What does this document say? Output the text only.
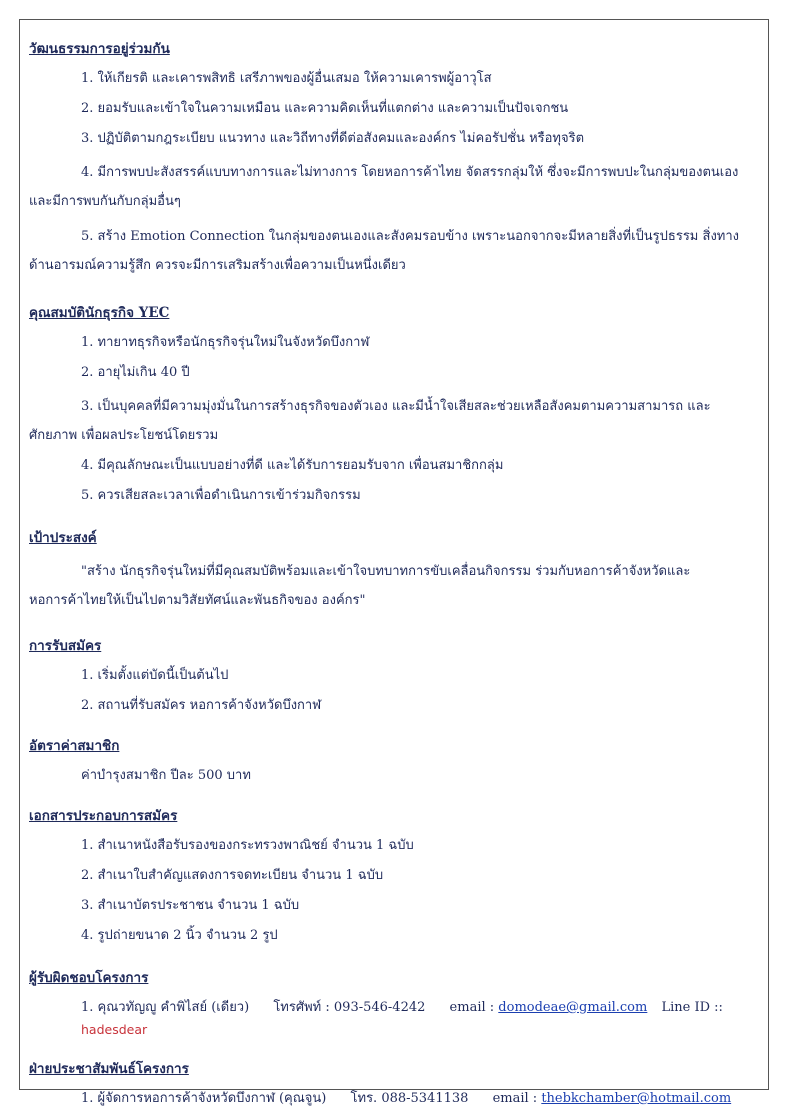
วัฒนธรรมการอยู่ร่วมกัน
1. ให้เกียรติ และเคารพสิทธิ เสรีภาพของผู้อื่นเสมอ ให้ความเคารพผู้อาวุโส
2. ยอมรับและเข้าใจในความเหมือน และความคิดเห็นที่แตกต่าง และความเป็นปัจเจกชน
3. ปฏิบัติตามกฎระเบียบ แนวทาง และวิถีทางที่ดีต่อสังคมและองค์กร ไม่คอรัปชั่น หรือทุจริต
4. มีการพบปะสังสรรค์แบบทางการและไม่ทางการ โดยหอการค้าไทย จัดสรรกลุ่มให้ ซึ่งจะมีการพบปะในกลุ่มของตนเอง และมีการพบกันกับกลุ่มอื่นๆ
5. สร้าง Emotion Connection ในกลุ่มของตนเองและสังคมรอบข้าง เพราะนอกจากจะมีหลายสิ่งที่เป็นรูปธรรม สิ่งทางด้านอารมณ์ความรู้สึก ควรจะมีการเสริมสร้างเพื่อความเป็นหนึ่งเดียว
คุณสมบัตินักธุรกิจ YEC
1. ทายาทธุรกิจหรือนักธุรกิจรุ่นใหม่ในจังหวัดบึงกาฬ
2. อายุไม่เกิน 40 ปี
3. เป็นบุคคลที่มีความมุ่งมั่นในการสร้างธุรกิจของตัวเอง และมีน้ำใจเสียสละช่วยเหลือสังคมตามความสามารถ และศักยภาพ เพื่อผลประโยชน์โดยรวม
4. มีคุณลักษณะเป็นแบบอย่างที่ดี และได้รับการยอมรับจาก เพื่อนสมาชิกกลุ่ม
5. ควรเสียสละเวลาเพื่อดำเนินการเข้าร่วมกิจกรรม
เป้าประสงค์
"สร้าง นักธุรกิจรุ่นใหม่ที่มีคุณสมบัติพร้อมและเข้าใจบทบาทการขับเคลื่อนกิจกรรม ร่วมกับหอการค้าจังหวัดและหอการค้าไทยให้เป็นไปตามวิสัยทัศน์และพันธกิจของ องค์กร"
การรับสมัคร
1. เริ่มตั้งแต่บัดนี้เป็นต้นไป
2. สถานที่รับสมัคร หอการค้าจังหวัดบึงกาฬ
อัตราค่าสมาชิก
ค่าบำรุงสมาชิก ปีละ 500 บาท
เอกสารประกอบการสมัคร
1. สำเนาหนังสือรับรองของกระทรวงพาณิชย์ จำนวน 1 ฉบับ
2. สำเนาใบสำคัญแสดงการจดทะเบียน จำนวน 1 ฉบับ
3. สำเนาบัตรประชาชน จำนวน 1 ฉบับ
4. รูปถ่ายขนาด 2 นิ้ว จำนวน 2 รูป
ผู้รับผิดชอบโครงการ
1. คุณวทัญญู คำพิไสย์ (เดียว) โทรศัพท์ : 093-546-4242 email : domodeae@gmail.com Line ID :: hadesdear
ฝ่ายประชาสัมพันธ์โครงการ
1. ผู้จัดการหอการค้าจังหวัดบึงกาฬ (คุณจูน) โทร. 088-5341138 email : thebkchamber@hotmail.com
